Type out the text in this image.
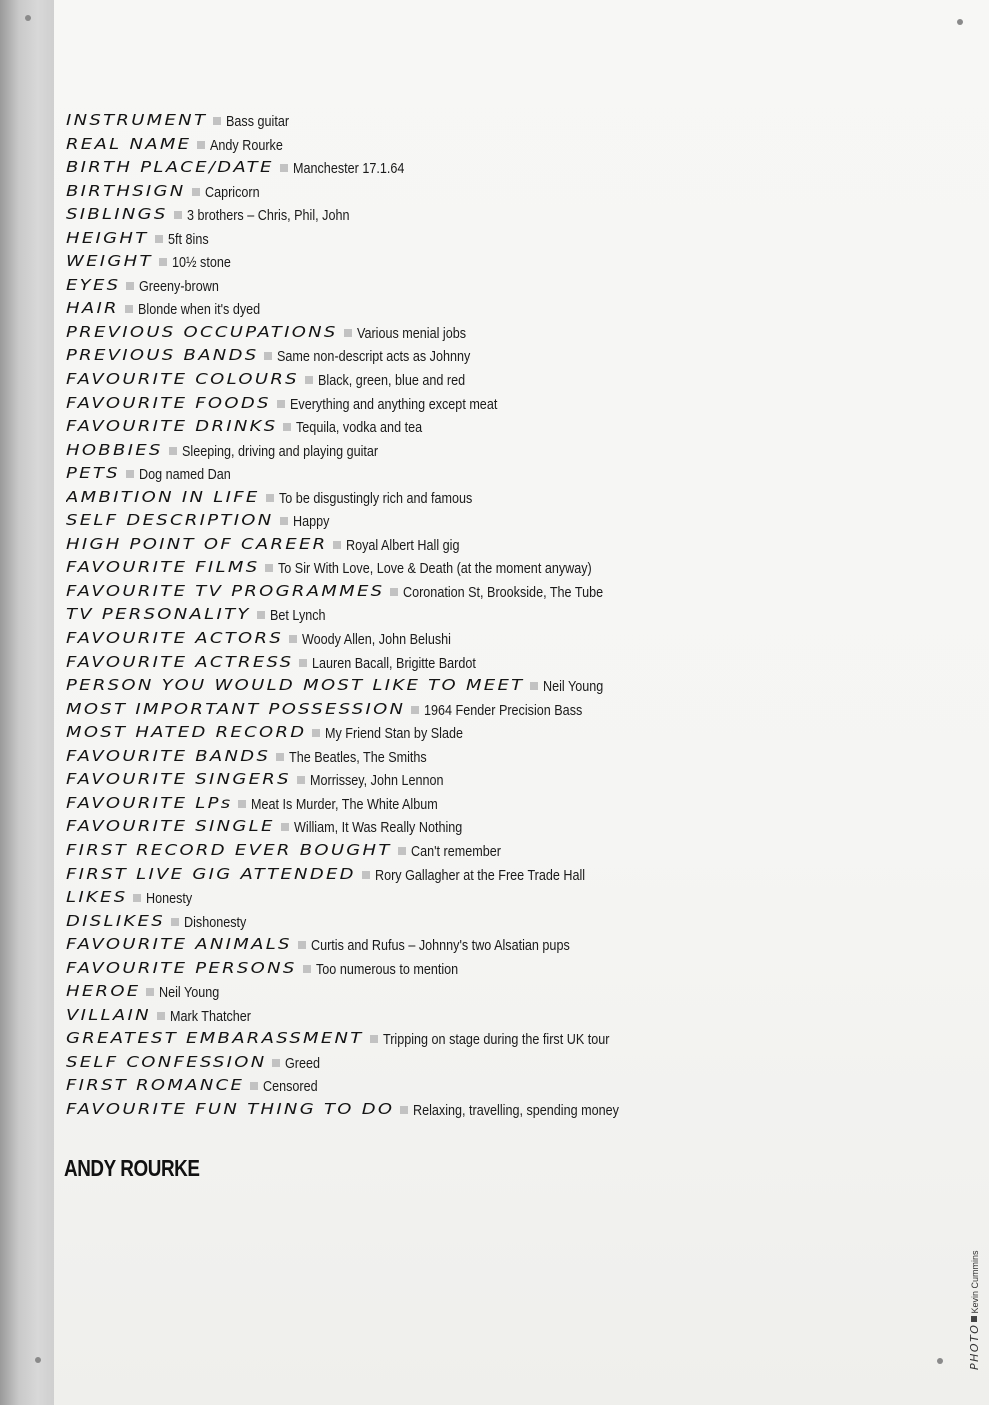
INSTRUMENT Bass guitar
REAL NAME Andy Rourke
BIRTH PLACE/DATE Manchester 17.1.64
BIRTHSIGN Capricorn
SIBLINGS 3 brothers – Chris, Phil, John
HEIGHT 5ft 8ins
WEIGHT 10½ stone
EYES Greeny-brown
HAIR Blonde when it's dyed
PREVIOUS OCCUPATIONS Various menial jobs
PREVIOUS BANDS Same non-descript acts as Johnny
FAVOURITE COLOURS Black, green, blue and red
FAVOURITE FOODS Everything and anything except meat
FAVOURITE DRINKS Tequila, vodka and tea
HOBBIES Sleeping, driving and playing guitar
PETS Dog named Dan
AMBITION IN LIFE To be disgustingly rich and famous
SELF DESCRIPTION Happy
HIGH POINT OF CAREER Royal Albert Hall gig
FAVOURITE FILMS To Sir With Love, Love & Death (at the moment anyway)
FAVOURITE TV PROGRAMMES Coronation St, Brookside, The Tube
TV PERSONALITY Bet Lynch
FAVOURITE ACTORS Woody Allen, John Belushi
FAVOURITE ACTRESS Lauren Bacall, Brigitte Bardot
PERSON YOU WOULD MOST LIKE TO MEET Neil Young
MOST IMPORTANT POSSESSION 1964 Fender Precision Bass
MOST HATED RECORD My Friend Stan by Slade
FAVOURITE BANDS The Beatles, The Smiths
FAVOURITE SINGERS Morrissey, John Lennon
FAVOURITE LPs Meat Is Murder, The White Album
FAVOURITE SINGLE William, It Was Really Nothing
FIRST RECORD EVER BOUGHT Can't remember
FIRST LIVE GIG ATTENDED Rory Gallagher at the Free Trade Hall
LIKES Honesty
DISLIKES Dishonesty
FAVOURITE ANIMALS Curtis and Rufus – Johnny's two Alsatian pups
FAVOURITE PERSONS Too numerous to mention
HEROE Neil Young
VILLAIN Mark Thatcher
GREATEST EMBARASSMENT Tripping on stage during the first UK tour
SELF CONFESSION Greed
FIRST ROMANCE Censored
FAVOURITE FUN THING TO DO Relaxing, travelling, spending money
ANDY ROURKE
PHOTOKevin Cummins
